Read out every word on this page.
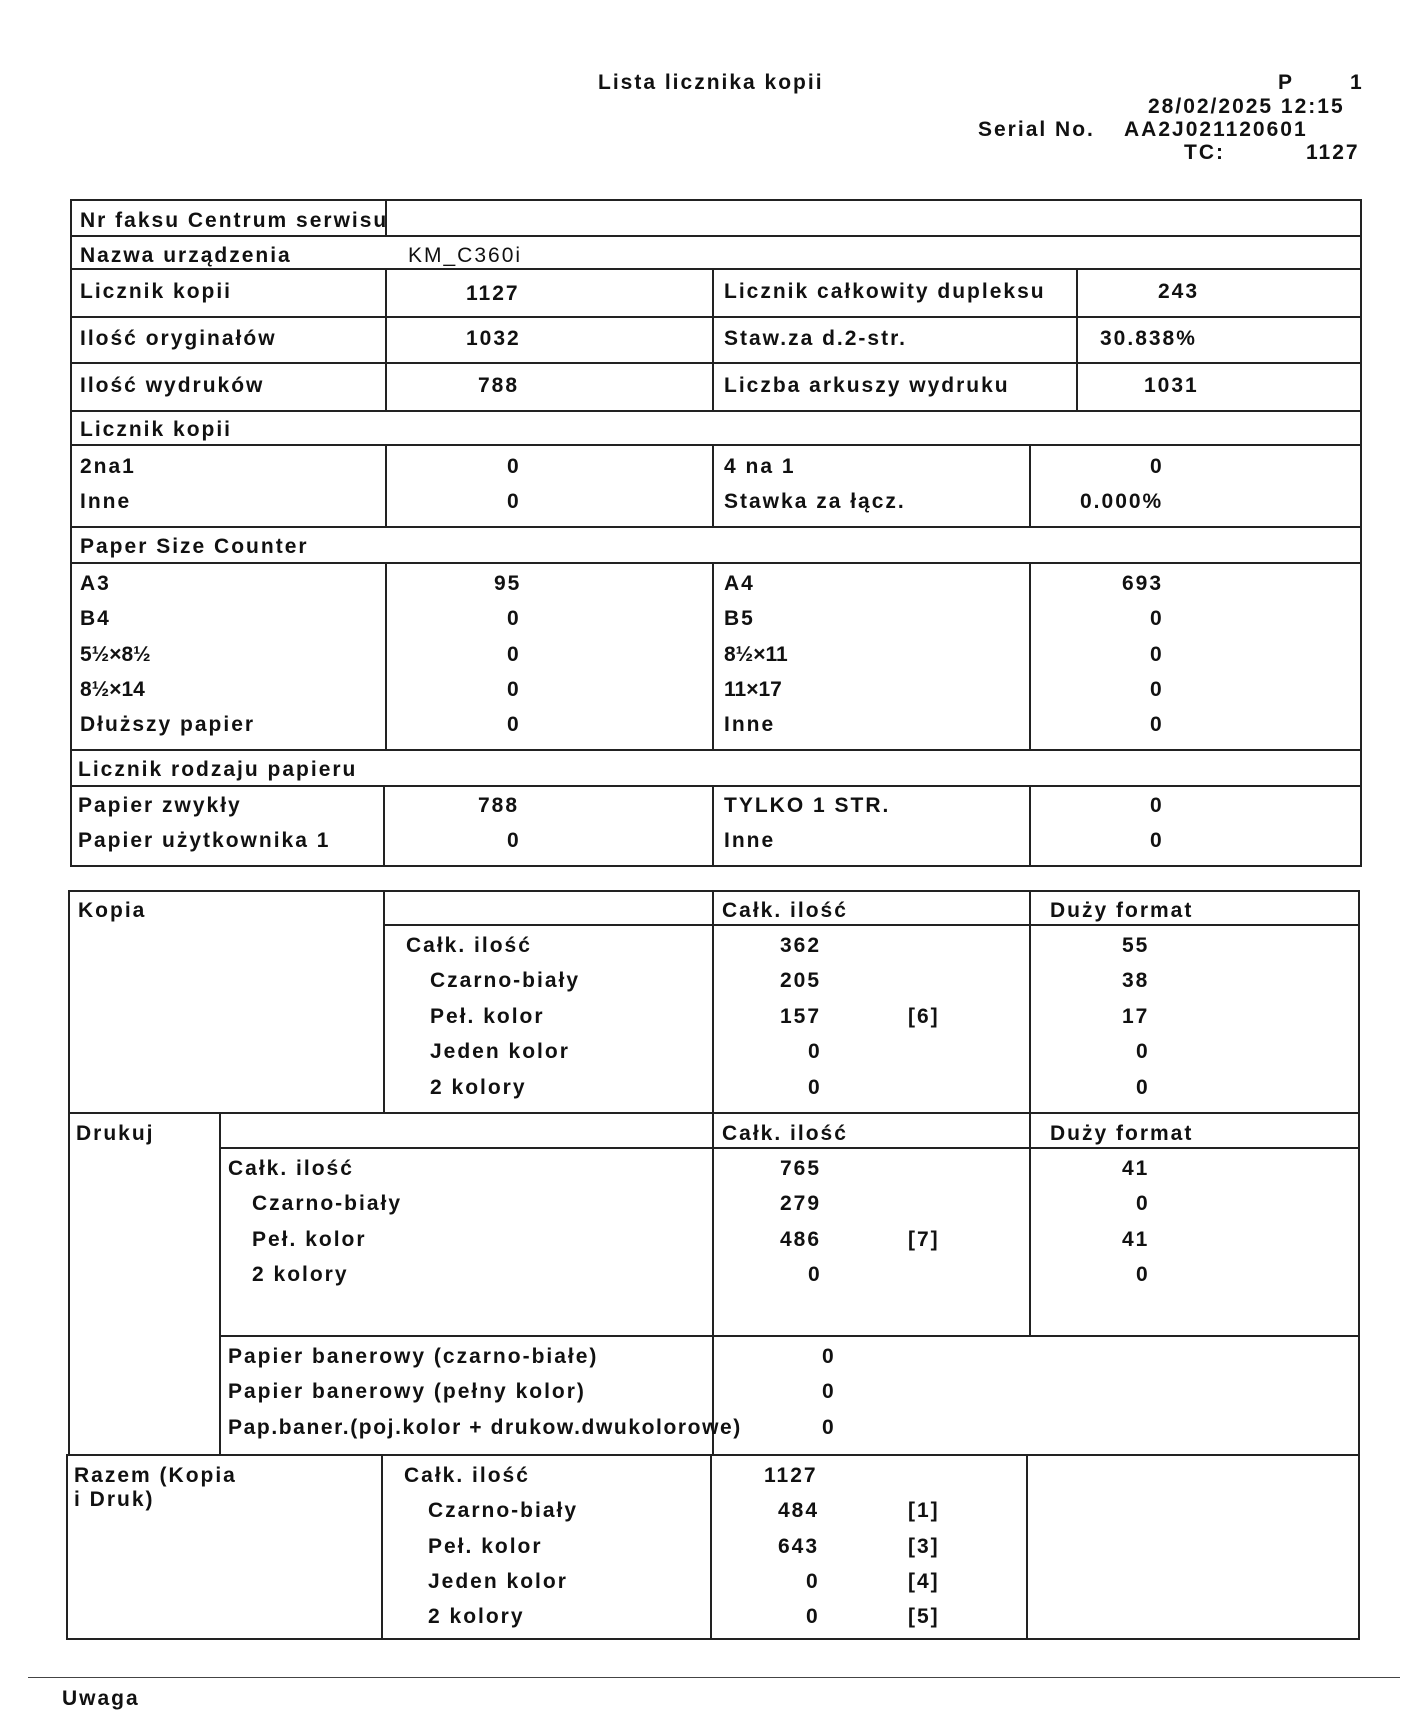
Lista licznika kopii	P	1
28/02/2025 12:15
Serial No. AA2J021120601
TC:	1127
Nr faksu Centrum serwisu
Nazwa urządzenia	KM_C360i
Licznik kopii	1127	Licznik całkowity dupleksu	243
Ilość oryginałów	1032	Staw.za d.2-str.	30.838%
Ilość wydruków	788	Liczba arkuszy wydruku	1031
Licznik kopii
2na1	0	4 na 1	0
Inne	0	Stawka za łącz.	0.000%
Paper Size Counter
A3	95	A4	693
B4	0	B5	0
5½×8½	0	8½×11	0
8½×14	0	11×17	0
Dłuższy papier	0	Inne	0
Licznik rodzaju papieru
Papier zwykły	788	TYLKO 1 STR.	0
Papier użytkownika 1	0	Inne	0
Kopia	Całk. ilość	Duży format
Całk. ilość	362	55
Czarno-biały	205	38
Peł. kolor	157	[6]	17
Jeden kolor	0	0
2 kolory	0	0
Drukuj	Całk. ilość	Duży format
Całk. ilość	765	41
Czarno-biały	279	0
Peł. kolor	486	[7]	41
2 kolory	0	0
Papier banerowy (czarno-białe)	0
Papier banerowy (pełny kolor)	0
Pap.baner.(poj.kolor + drukow.dwukolorowe)	0
Razem (Kopia
i Druk)
Całk. ilość	1127
Czarno-biały	484	[1]
Peł. kolor	643	[3]
Jeden kolor	0	[4]
2 kolory	0	[5]
Uwaga
